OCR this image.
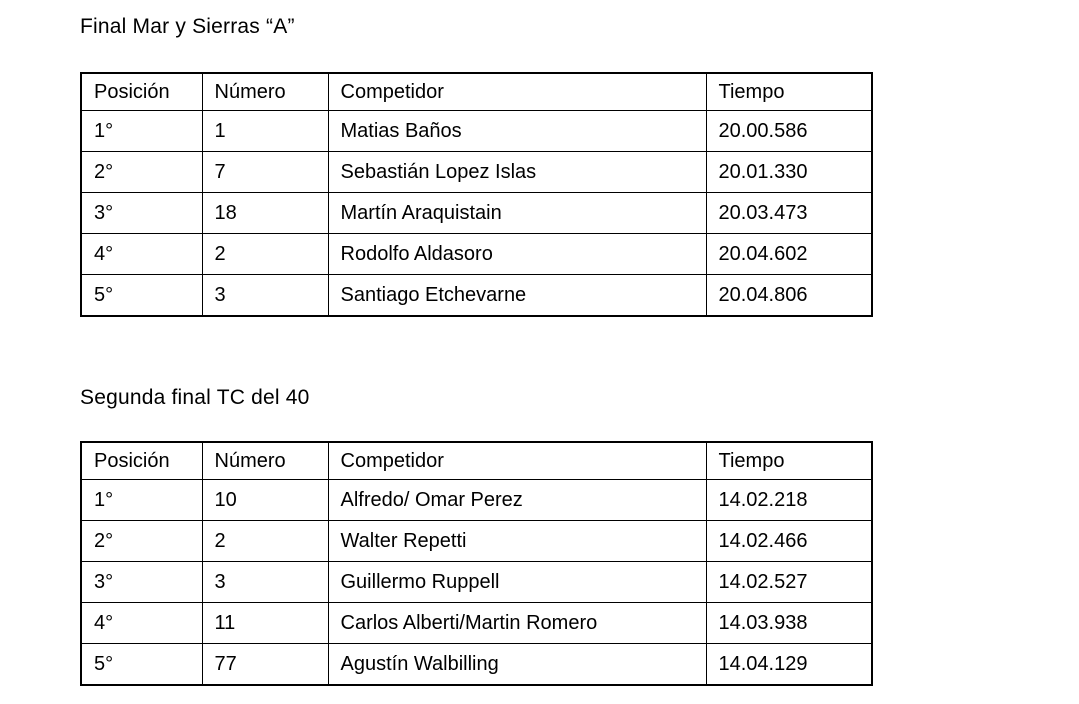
Final Mar y Sierras “A”
Posición	Número	Competidor	Tiempo
1°	1	Matias Baños	20.00.586
2°	7	Sebastián Lopez Islas	20.01.330
3°	18	Martín Araquistain	20.03.473
4°	2	Rodolfo Aldasoro	20.04.602
5°	3	Santiago Etchevarne	20.04.806
Segunda final TC del 40
Posición	Número	Competidor	Tiempo
1°	10	Alfredo/ Omar Perez	14.02.218
2°	2	Walter Repetti	14.02.466
3°	3	Guillermo Ruppell	14.02.527
4°	11	Carlos Alberti/Martin Romero	14.03.938
5°	77	Agustín Walbilling	14.04.129
